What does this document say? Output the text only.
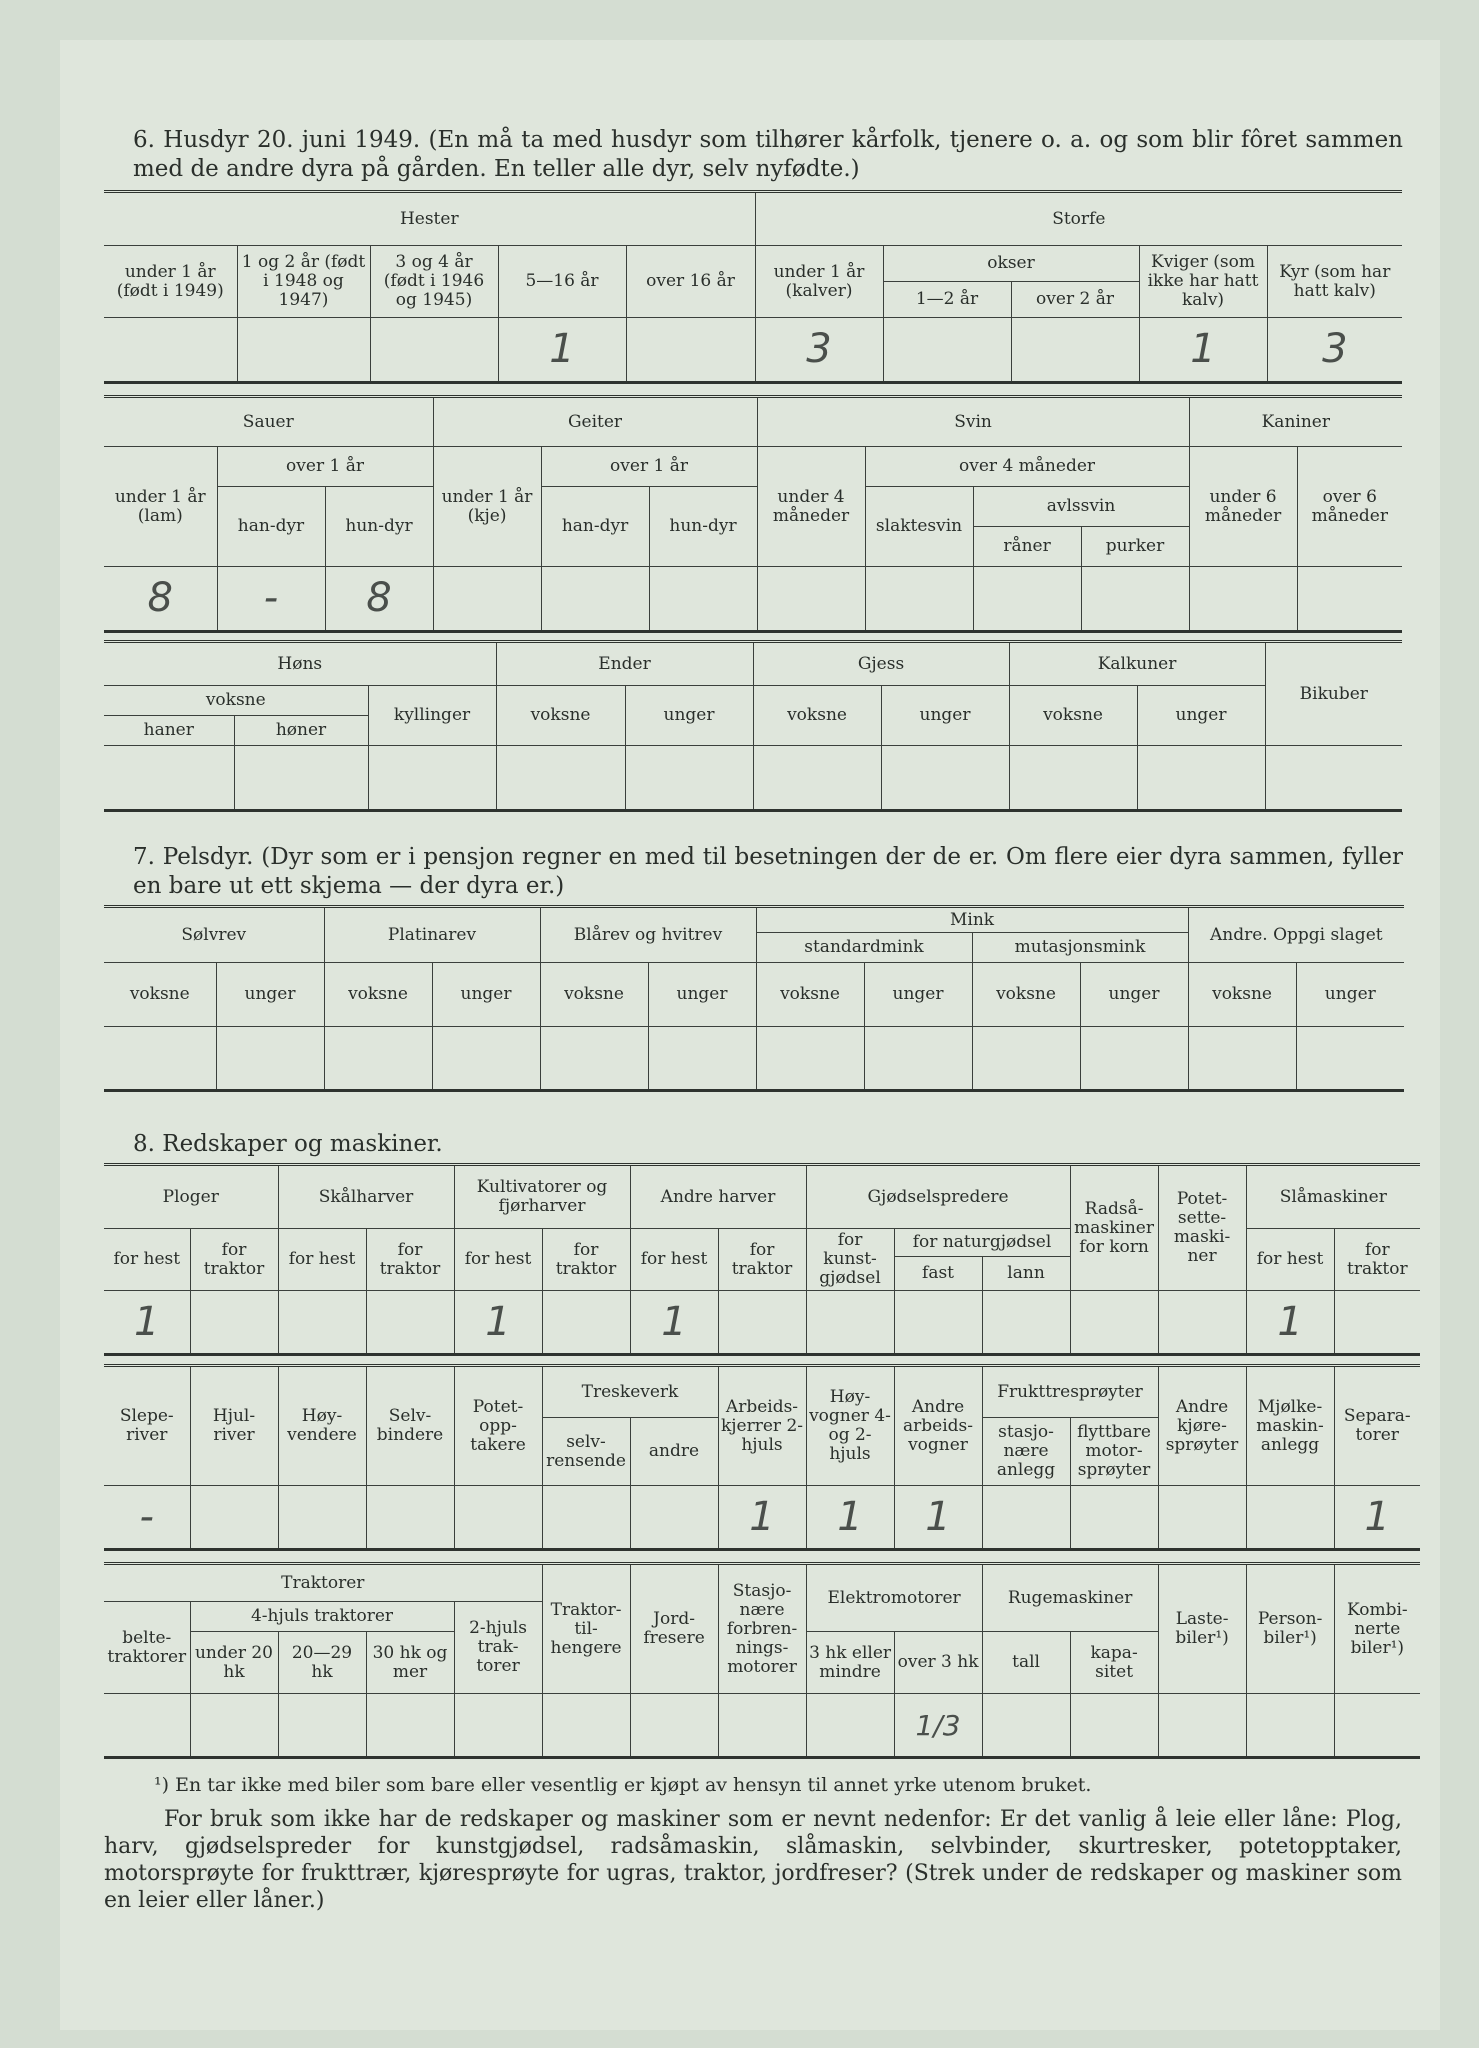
6. Husdyr 20. juni 1949. (En må ta med husdyr som tilhører kårfolk, tjenere o. a. og som blir fôret sammen med de andre dyra på gården. En teller alle dyr, selv nyfødte.)
Hester					Storfe				
under 1 år (født i 1949)	1 og 2 år (født i 1948 og 1947)	3 og 4 år (født i 1946 og 1945)	5—16 år	over 16 år	under 1 år (kalver)	okser		Kviger (som ikke har hatt kalv)	Kyr (som har hatt kalv)
						1—2 år	over 2 år		
			1		3			1	3
Sauer			Geiter			Svin				Kaniner	
under 1 år (lam)	over 1 år		under 1 år (kje)	over 1 år		under 4 måneder	over 4 måneder			under 6 måneder	over 6 måneder
	han-dyr	hun-dyr		han-dyr	hun-dyr		slaktesvin	avlssvin			
								råner	purker		
8	-	8									
Høns			Ender		Gjess		Kalkuner		Bikuber
voksne		kyllinger	voksne	unger	voksne	unger	voksne	unger	
haner	høner								

7. Pelsdyr. (Dyr som er i pensjon regner en med til besetningen der de er. Om flere eier dyra sammen, fyller en bare ut ett skjema — der dyra er.)
Sølvrev		Platinarev		Blårev og hvitrev		Mink				Andre. Oppgi slaget	
						standardmink		mutasjonsmink			
voksne	unger	voksne	unger	voksne	unger	voksne	unger	voksne	unger	voksne	unger

8. Redskaper og maskiner.
Ploger		Skålharver		Kultivatorer og fjørharver		Andre harver		Gjødselspredere			Radså-maskiner for korn	Potet-sette-maski-ner	Slåmaskiner	
for hest	for traktor	for hest	for traktor	for hest	for traktor	for hest	for traktor	for kunst-gjødsel	for naturgjødsel				for hest	for traktor
									fast	lann				
1				1		1							1	
Slepe-river	Hjul-river	Høy-vendere	Selv-bindere	Potet-opp-takere	Treskeverk		Arbeids-kjerrer 2-hjuls	Høy-vogner 4- og 2-hjuls	Andre arbeids-vogner	Frukttresprøyter		Andre kjøre-sprøyter	Mjølke-maskin-anlegg	Separa-torer
					selv-rensende	andre				stasjo-nære anlegg	flyttbare motor-sprøyter			
-							1	1	1					1
Traktorer					Traktor-til-hengere	Jord-fresere	Stasjo-nære forbren-nings-motorer	Elektromotorer		Rugemaskiner		Laste-biler¹)	Person-biler¹)	Kombi-nerte biler¹)
belte-traktorer	4-hjuls traktorer			2-hjuls trak-torer										
	under 20 hk	20—29 hk	30 hk og mer					3 hk eller mindre	over 3 hk	tall	kapa-sitet			
									1/3					
¹) En tar ikke med biler som bare eller vesentlig er kjøpt av hensyn til annet yrke utenom bruket.
For bruk som ikke har de redskaper og maskiner som er nevnt nedenfor: Er det vanlig å leie eller låne: Plog, harv, gjødselspreder for kunstgjødsel, radsåmaskin, slåmaskin, selvbinder, skurtresker, potetopptaker, motorsprøyte for frukttrær, kjøresprøyte for ugras, traktor, jordfreser? (Strek under de redskaper og maskiner som en leier eller låner.)
